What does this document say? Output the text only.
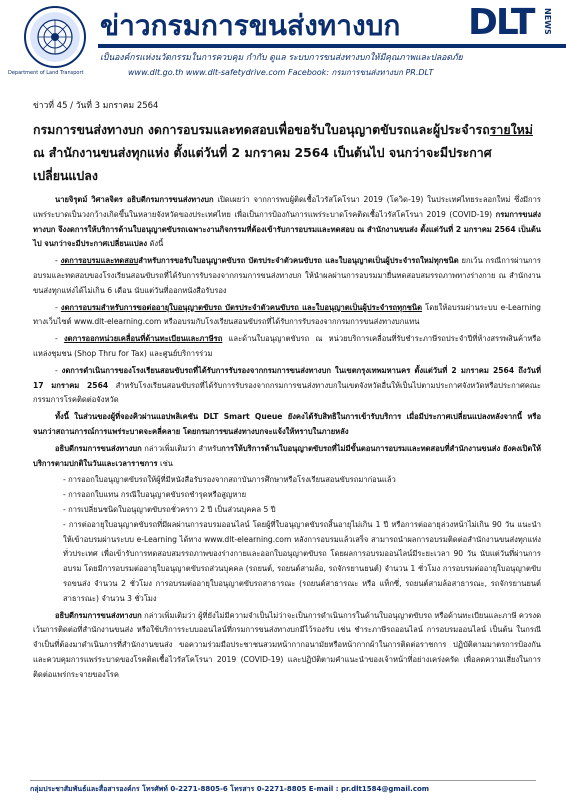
Department of Land Transport
ข่าวกรมการขนส่งทางบก DLT NEWS
เป็นองค์กรแห่งนวัตกรรมในการควบคุม กำกับ ดูแล ระบบการขนส่งทางบกให้มีคุณภาพและปลอดภัย
www.dlt.go.th www.dlt-safetydrive.com Facebook: กรมการขนส่งทางบก PR.DLT

ข่าวที่ 45 / วันที่ 3 มกราคม 2564

กรมการขนส่งทางบก งดการอบรมและทดสอบเพื่อขอรับใบอนุญาตขับรถและผู้ประจำรถรายใหม่
ณ สำนักงานขนส่งทุกแห่ง ตั้งแต่วันที่ 2 มกราคม 2564 เป็นต้นไป จนกว่าจะมีประกาศ
เปลี่ยนแปลง

นายจิรุตม์ วิศาลจิตร อธิบดีกรมการขนส่งทางบก เปิดเผยว่า จากการพบผู้ติดเชื้อไวรัสโคโรนา 2019 (โควิด-19) ในประเทศไทยระลอกใหม่ ซึ่งมีการแพร่ระบาดเป็นวงกว้างเกิดขึ้นในหลายจังหวัดของประเทศไทย เพื่อเป็นการป้องกันการแพร่ระบาดโรคติดเชื้อไวรัสโคโรนา 2019 (COVID-19) กรมการขนส่งทางบก จึงงดการให้บริการด้านใบอนุญาตขับรถเฉพาะงานกิจกรรมที่ต้องเข้ารับการอบรมและทดสอบ ณ สำนักงานขนส่ง ตั้งแต่วันที่ 2 มกราคม 2564 เป็นต้นไป จนกว่าจะมีประกาศเปลี่ยนแปลง ดังนี้

- งดการอบรมและทดสอบสำหรับการขอรับใบอนุญาตขับรถ บัตรประจำตัวคนขับรถ และใบอนุญาตเป็นผู้ประจำรถใหม่ทุกชนิด ยกเว้น กรณีการผ่านการอบรมและทดสอบของโรงเรียนสอนขับรถที่ได้รับการรับรองจากกรมการขนส่งทางบก ให้นำผลผ่านการอบรมมายื่นทดสอบสมรรถภาพทางร่างกาย ณ สำนักงานขนส่งทุกแห่งได้ไม่เกิน 6 เดือน นับแต่วันที่ออกหนังสือรับรอง

- งดการอบรมสำหรับการขอต่ออายุใบอนุญาตขับรถ บัตรประจำตัวคนขับรถ และใบอนุญาตเป็นผู้ประจำรถทุกชนิด โดยให้อบรมผ่านระบบ e-Learning ทางเว็บไซต์ www.dlt-elearning.com หรืออบรมกับโรงเรียนสอนขับรถที่ได้รับการรับรองจากกรมการขนส่งทางบกแทน

- งดการออกหน่วยเคลื่อนที่ด้านทะเบียนและภาษีรถ และด้านใบอนุญาตขับรถ ณ หน่วยบริการเคลื่อนที่รับชำระภาษีรถประจำปีที่ห้างสรรพสินค้าหรือแหล่งชุมชน (Shop Thru for Tax) และศูนย์บริการร่วม

- งดการดำเนินการของโรงเรียนสอนขับรถที่ได้รับการรับรองจากกรมการขนส่งทางบก ในเขตกรุงเทพมหานคร ตั้งแต่วันที่ 2 มกราคม 2564 ถึงวันที่ 17 มกราคม 2564 สำหรับโรงเรียนสอนขับรถที่ได้รับการรับรองจากกรมการขนส่งทางบกในเขตจังหวัดอื่นให้เป็นไปตามประกาศจังหวัดหรือประกาศคณะกรรมการโรคติดต่อจังหวัด

ทั้งนี้ ในส่วนของผู้ที่จองคิวผ่านแอปพลิเคชัน DLT Smart Queue ยังคงได้รับสิทธิในการเข้ารับบริการ เมื่อมีประกาศเปลี่ยนแปลงหลังจากนี้ หรือจนกว่าสถานการณ์การแพร่ระบาดจะคลี่คลาย โดยกรมการขนส่งทางบกจะแจ้งให้ทราบในภายหลัง

อธิบดีกรมการขนส่งทางบก กล่าวเพิ่มเติมว่า สำหรับการให้บริการด้านใบอนุญาตขับรถที่ไม่มีขั้นตอนการอบรมและทดสอบที่สำนักงานขนส่ง ยังคงเปิดให้บริการตามปกติในวันและเวลาราชการ เช่น

- การออกใบอนุญาตขับรถให้ผู้ที่มีหนังสือรับรองจากสถาบันการศึกษาหรือโรงเรียนสอนขับรถมาก่อนแล้ว

- การออกใบแทน กรณีใบอนุญาตขับรถชำรุดหรือสูญหาย

- การเปลี่ยนชนิดใบอนุญาตขับรถชั่วคราว 2 ปี เป็นส่วนบุคคล 5 ปี

- การต่ออายุใบอนุญาตขับรถที่มีผลผ่านการอบรมออนไลน์ โดยผู้ที่ใบอนุญาตขับรถสิ้นอายุไม่เกิน 1 ปี หรือการต่ออายุล่วงหน้าไม่เกิน 90 วัน แนะนำให้เข้าอบรมผ่านระบบ e-Learning ได้ทาง www.dlt-elearning.com หลังการอบรมแล้วเสร็จ สามารถนำผลการอบรมติดต่อสำนักงานขนส่งทุกแห่งทั่วประเทศ เพื่อเข้ารับการทดสอบสมรรถภาพของร่างกายและออกใบอนุญาตขับรถ โดยผลการอบรมออนไลน์มีระยะเวลา 90 วัน นับแต่วันที่ผ่านการอบรม โดยมีการอบรมต่ออายุใบอนุญาตขับรถส่วนบุคคล (รถยนต์, รถยนต์สามล้อ, รถจักรยานยนต์) จำนวน 1 ชั่วโมง การอบรมต่ออายุใบอนุญาตขับรถขนส่ง จำนวน 2 ชั่วโมง การอบรมต่ออายุใบอนุญาตขับรถสาธารณะ (รถยนต์สาธารณะ หรือ แท็กซี่, รถยนต์สามล้อสาธารณะ, รถจักรยานยนต์สาธารณะ) จำนวน 3 ชั่วโมง

อธิบดีกรมการขนส่งทางบก กล่าวเพิ่มเติมว่า ผู้ที่ยังไม่มีความจำเป็นไม่ว่าจะเป็นการดำเนินการในด้านใบอนุญาตขับรถ หรือด้านทะเบียนและภาษี ควรงดเว้นการติดต่อที่สำนักงานขนส่ง หรือใช้บริการระบบออนไลน์ที่กรมการขนส่งทางบกมีไว้รองรับ เช่น ชำระภาษีรถออนไลน์ การอบรมออนไลน์ เป็นต้น ในกรณีจำเป็นที่ต้องมาดำเนินการที่สำนักงานขนส่ง ขอความร่วมมือประชาชนสวมหน้ากากอนามัยหรือหน้ากากผ้าในการติดต่อราชการ ปฏิบัติตามมาตรการป้องกันและควบคุมการแพร่ระบาดของโรคติดเชื้อไวรัสโคโรนา 2019 (COVID-19) และปฏิบัติตามคำแนะนำของเจ้าหน้าที่อย่างเคร่งครัด เพื่อลดความเสี่ยงในการติดต่อแพร่กระจายของโรค

กลุ่มประชาสัมพันธ์และสื่อสารองค์กร โทรศัพท์ 0-2271-8805-6 โทรสาร 0-2271-8805 E-mail : pr.dlt1584@gmail.com
